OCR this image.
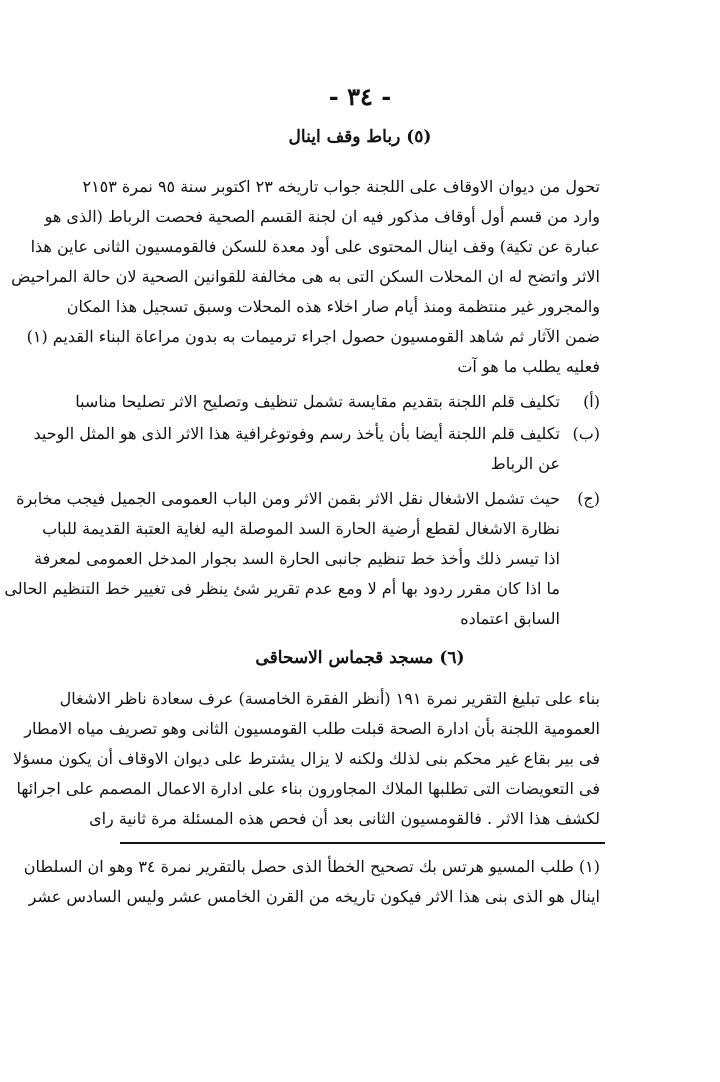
- ٣٤ -
(٥) رباط وقف اينال
تحول من ديوان الاوقاف على اللجنة جواب تاريخه ٢٣ اكتوبر سنة ٩٥ نمرة ٢١٥٣
وارد من قسم أول أوقاف مذكور فيه ان لجنة القسم الصحية فحصت الرباط (الذى هو
عبارة عن تكية) وقف اينال المحتوى على أود معدة للسكن فالقومسيون الثانى عاين هذا
الاثر واتضح له ان المحلات السكن التى به هى مخالفة للقوانين الصحية لان حالة المراحيض
والمجرور غير منتظمة ومنذ أيام صار اخلاء هذه المحلات وسبق تسجيل هذا المكان
ضمن الآثار ثم شاهد القومسيون حصول اجراء ترميمات به بدون مراعاة البناء القديم (١)
فعليه يطلب ما هو آت
(أ)
تكليف قلم اللجنة بتقديم مقايسة تشمل تنظيف وتصليح الاثر تصليحا مناسبا
(ب)
تكليف قلم اللجنة أيضا بأن يأخذ رسم وفوتوغرافية هذا الاثر الذى هو المثل الوحيد
عن الرباط
(ج)
حيث تشمل الاشغال نقل الاثر بقمن الاثر ومن الباب العمومى الجميل فيجب مخابرة
نظارة الاشغال لقطع أرضية الحارة السد الموصلة اليه لغاية العتبة القديمة للباب
اذا تيسر ذلك وأخذ خط تنظيم جانبى الحارة السد بجوار المدخل العمومى لمعرفة
ما اذا كان مقرر ردود بها أم لا ومع عدم تقرير شئ ينظر فى تغيير خط التنظيم الحالى
السابق اعتماده
(٦) مسجد قجماس الاسحاقى
بناء على تبليغ التقرير نمرة ١٩١ (أنظر الفقرة الخامسة) عرف سعادة ناظر الاشغال
العمومية اللجنة بأن ادارة الصحة قبلت طلب القومسيون الثانى وهو تصريف مياه الامطار
فى بير بقاع غير محكم بنى لذلك ولكنه لا يزال يشترط على ديوان الاوقاف أن يكون مسؤلا
فى التعويضات التى تطلبها الملاك المجاورون بناء على ادارة الاعمال المصمم على اجرائها
لكشف هذا الاثر . فالقومسيون الثانى بعد أن فحص هذه المسئلة مرة ثانية راى
(١) طلب المسيو هرتس بك تصحيح الخطأ الذى حصل بالتقرير نمرة ٣٤ وهو ان السلطان
اينال هو الذى بنى هذا الاثر فيكون تاريخه من القرن الخامس عشر وليس السادس عشر
